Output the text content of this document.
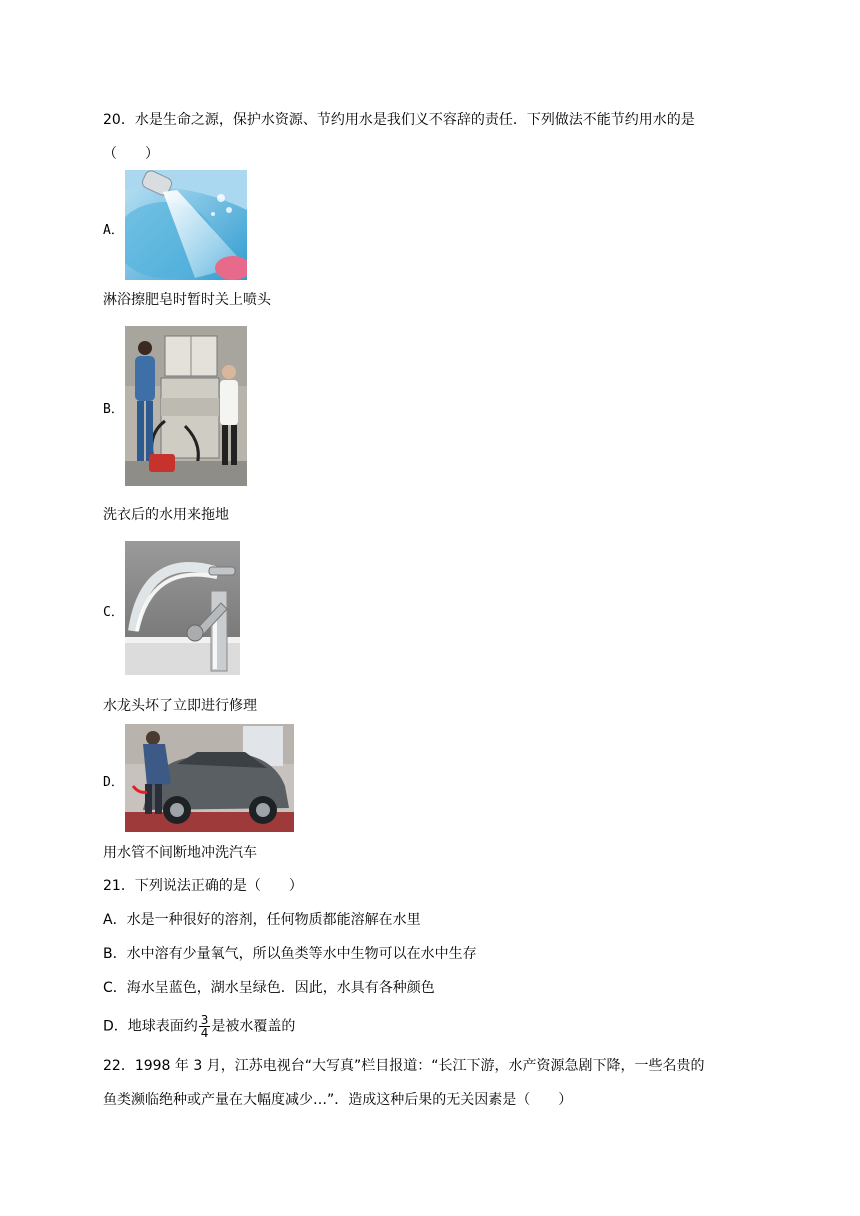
20．水是生命之源，保护水资源、节约用水是我们义不容辞的责任．下列做法不能节约用水的是
（　　）
A．
淋浴擦肥皂时暂时关上喷头
B．
洗衣后的水用来拖地
C．
水龙头坏了立即进行修理
D．
用水管不间断地冲洗汽车
21．下列说法正确的是（　　）
A．水是一种很好的溶剂，任何物质都能溶解在水里
B．水中溶有少量氧气，所以鱼类等水中生物可以在水中生存
C．海水呈蓝色，湖水呈绿色．因此，水具有各种颜色
D．地球表面约 $\frac{3}{4}$ 是被水覆盖的
22．1998 年 3 月，江苏电视台“大写真”栏目报道：“长江下游，水产资源急剧下降，一些名贵的
鱼类濒临绝种或产量在大幅度减少…”．造成这种后果的无关因素是（　　）
